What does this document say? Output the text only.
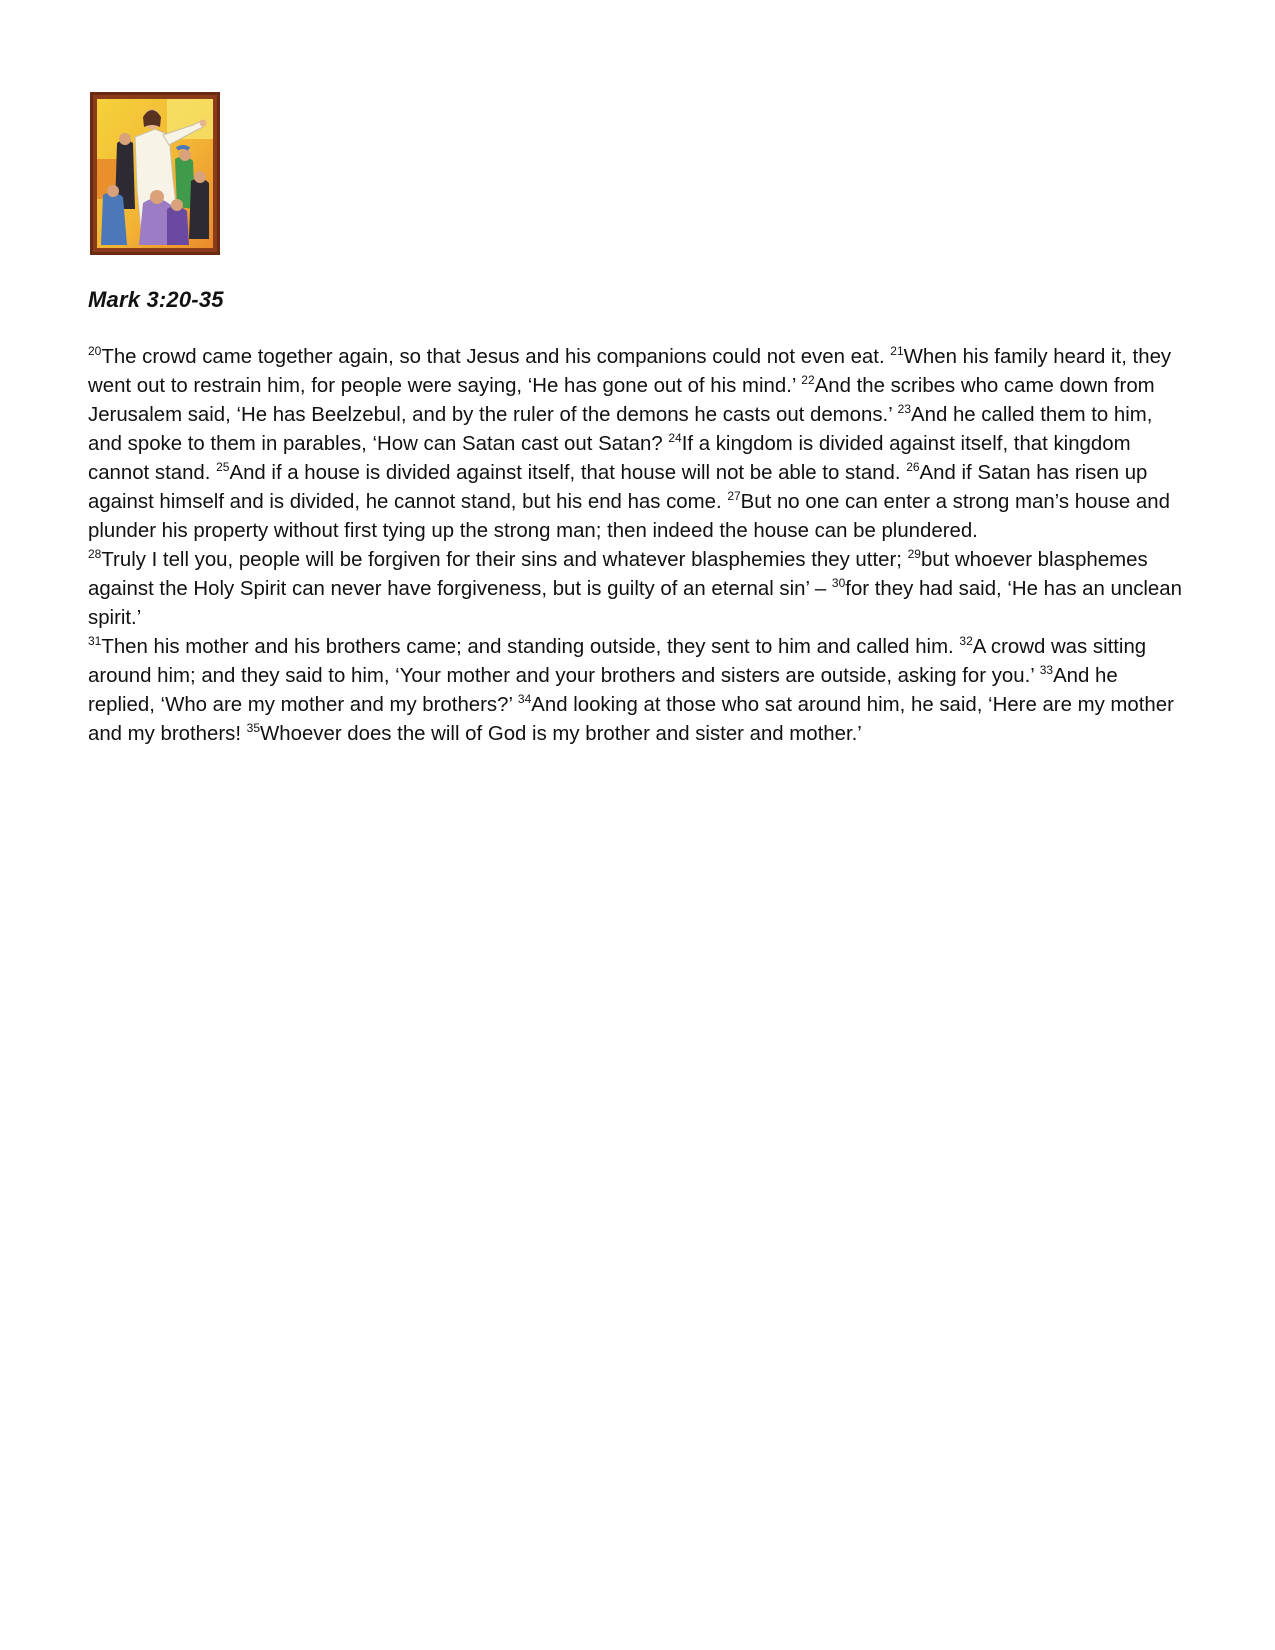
Mark 3:20-35

$^{20}$The crowd came together again, so that Jesus and his companions could not even eat. $^{21}$When his family heard it, they went out to restrain him, for people were saying, ‘He has gone out of his mind.’ $^{22}$And the scribes who came down from Jerusalem said, ‘He has Beelzebul, and by the ruler of the demons he casts out demons.’ $^{23}$And he called them to him, and spoke to them in parables, ‘How can Satan cast out Satan? $^{24}$If a kingdom is divided against itself, that kingdom cannot stand. $^{25}$And if a house is divided against itself, that house will not be able to stand. $^{26}$And if Satan has risen up against himself and is divided, he cannot stand, but his end has come. $^{27}$But no one can enter a strong man’s house and plunder his property without first tying up the strong man; then indeed the house can be plundered.

$^{28}$Truly I tell you, people will be forgiven for their sins and whatever blasphemies they utter; $^{29}$but whoever blasphemes against the Holy Spirit can never have forgiveness, but is guilty of an eternal sin’ – $^{30}$for they had said, ‘He has an unclean spirit.’

$^{31}$Then his mother and his brothers came; and standing outside, they sent to him and called him. $^{32}$A crowd was sitting around him; and they said to him, ‘Your mother and your brothers and sisters are outside, asking for you.’ $^{33}$And he replied, ‘Who are my mother and my brothers?’ $^{34}$And looking at those who sat around him, he said, ‘Here are my mother and my brothers! $^{35}$Whoever does the will of God is my brother and sister and mother.’
